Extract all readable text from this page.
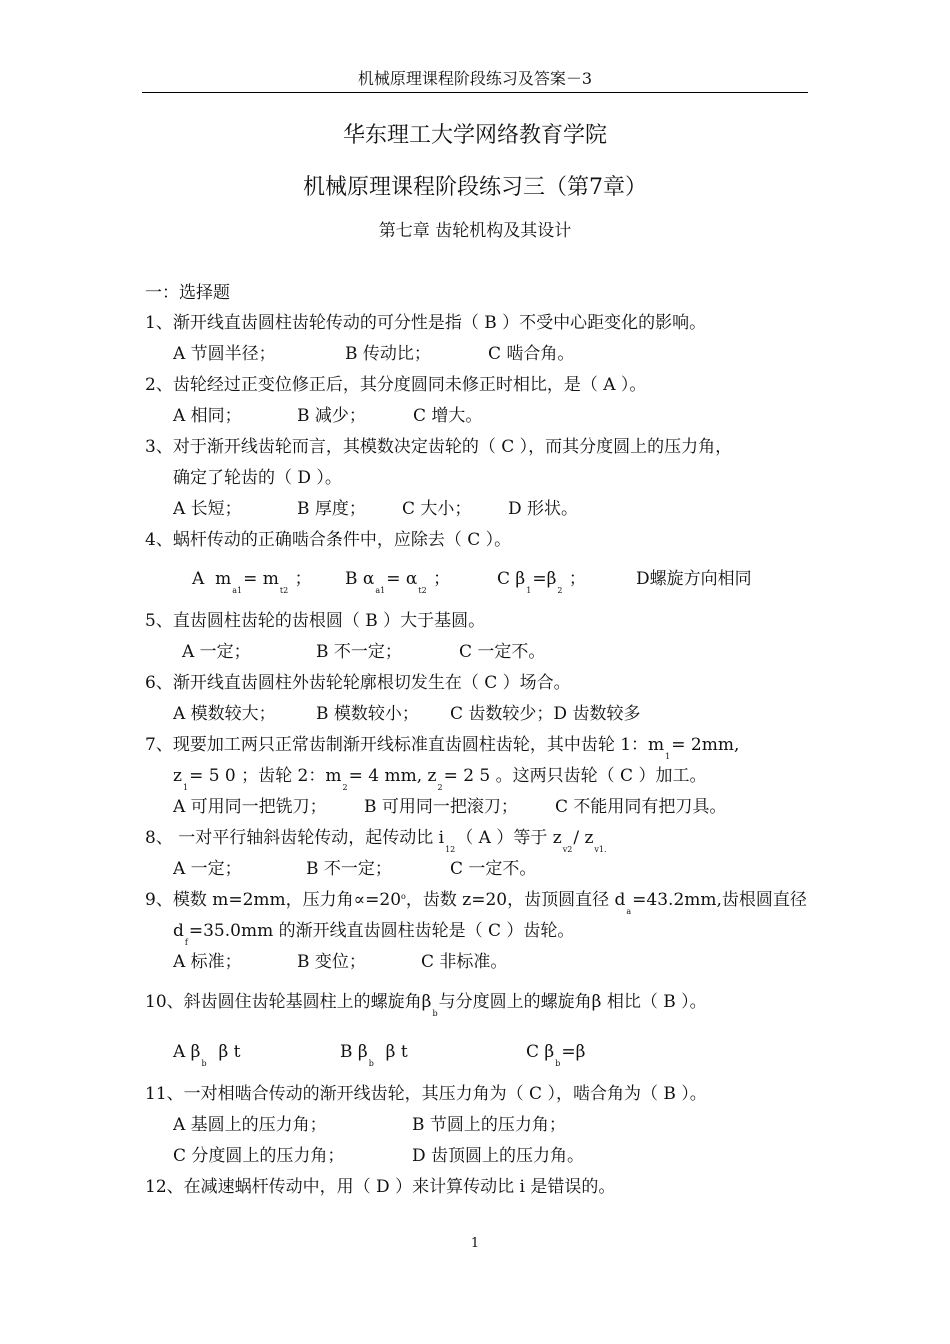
机械原理课程阶段练习及答案－3
华东理工大学网络教育学院
机械原理课程阶段练习三（第7章）
第七章 齿轮机构及其设计
一：选择题
1、渐开线直齿圆柱齿轮传动的可分性是指（ B ）不受中心距变化的影响。
A 节圆半径；	B 传动比；	C 啮合角。
2、齿轮经过正变位修正后，其分度圆同未修正时相比，是（ A ）。
A 相同；	B 减少；	C 增大。
3、对于渐开线齿轮而言，其模数决定齿轮的（ C ），而其分度圆上的压力角，
确定了轮齿的（ D ）。
A 长短；	B 厚度； C 大小； D 形状。
4、蜗杆传动的正确啮合条件中，应除去（ C ）。
A $m_{a1}= m_{t2}$ ； B $\alpha_{a1}= \alpha_{t2}$ ；	C $\beta_1=\beta_2$ ；	D螺旋方向相同
5、直齿圆柱齿轮的齿根圆（ B ）大于基圆。
A 一定；	B 不一定；	C 一定不。
6、渐开线直齿圆柱外齿轮轮廓根切发生在（ C ）场合。
A 模数较大； B 模数较小； C 齿数较少；D 齿数较多
7、现要加工两只正常齿制渐开线标准直齿圆柱齿轮，其中齿轮 1：$m_1= 2mm$,
$z_1= 5$ 0 ；齿轮 2：$m_2= 4$ mm, $z_2= 2$ 5 。这两只齿轮（ C ）加工。
A 可用同一把铣刀； B 可用同一把滚刀； C 不能用同有把刀具。
8、 一对平行轴斜齿轮传动，起传动比 $i_{12}$（ A ）等于 $z_{v2}/$ $z_{v1.}$
A 一定；	B 不一定；	C 一定不。
9、模数 m=2mm，压力角$\propto=20^o$，齿数 z=20，齿顶圆直径 $d_a=43.2mm$,齿根圆直径
$d_f=35.0mm$ 的渐开线直齿圆柱齿轮是（ C ）齿轮。
A 标准；	B 变位；	C 非标准。
10、斜齿圆住齿轮基圆柱上的螺旋角$\beta_b$与分度圆上的螺旋角β 相比（ B ）。
A $\beta_b$  β t	B $\beta_b$  β t	C $\beta_b=\beta$
11、一对相啮合传动的渐开线齿轮，其压力角为（ C ），啮合角为（ B ）。
A 基圆上的压力角；	B 节圆上的压力角；
C 分度圆上的压力角；	D 齿顶圆上的压力角。
12、在减速蜗杆传动中，用（ D ）来计算传动比 i 是错误的。
1
